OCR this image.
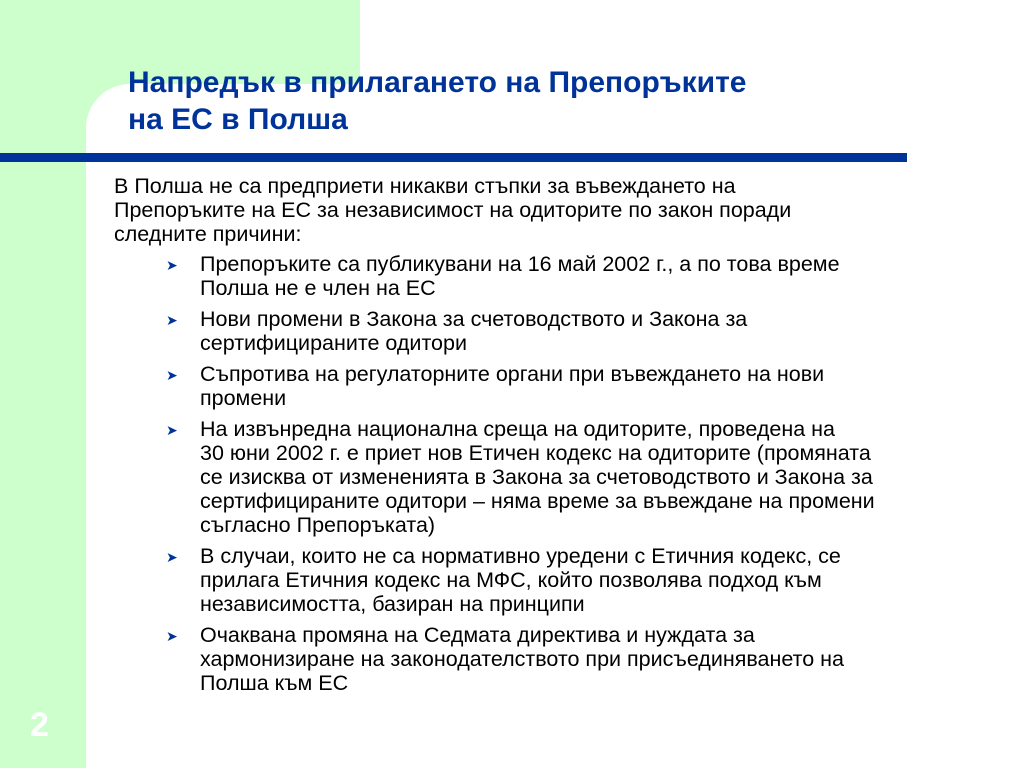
Напредък в прилагането на Препоръките
на ЕС в Полша

В Полша не са предприети никакви стъпки за въвеждането на
Препоръките на ЕС за независимост на одиторите по закон поради
следните причини:

➤ Препоръките са публикувани на 16 май 2002 г., а по това време
Полша не е член на ЕС
➤ Нови промени в Закона за счетоводството и Закона за
сертифицираните одитори
➤ Съпротива на регулаторните органи при въвеждането на нови
промени
➤ На извънредна национална среща на одиторите, проведена на
30 юни 2002 г. е приет нов Етичен кодекс на одиторите (промяната
се изисква от измененията в Закона за счетоводството и Закона за
сертифицираните одитори – няма време за въвеждане на промени
съгласно Препоръката)
➤ В случаи, които не са нормативно уредени с Етичния кодекс, се
прилага Етичния кодекс на МФС, който позволява подход към
независимостта, базиран на принципи
➤ Очаквана промяна на Седмата директива и нуждата за
хармонизиране на законодателството при присъединяването на
Полша към ЕС
2
